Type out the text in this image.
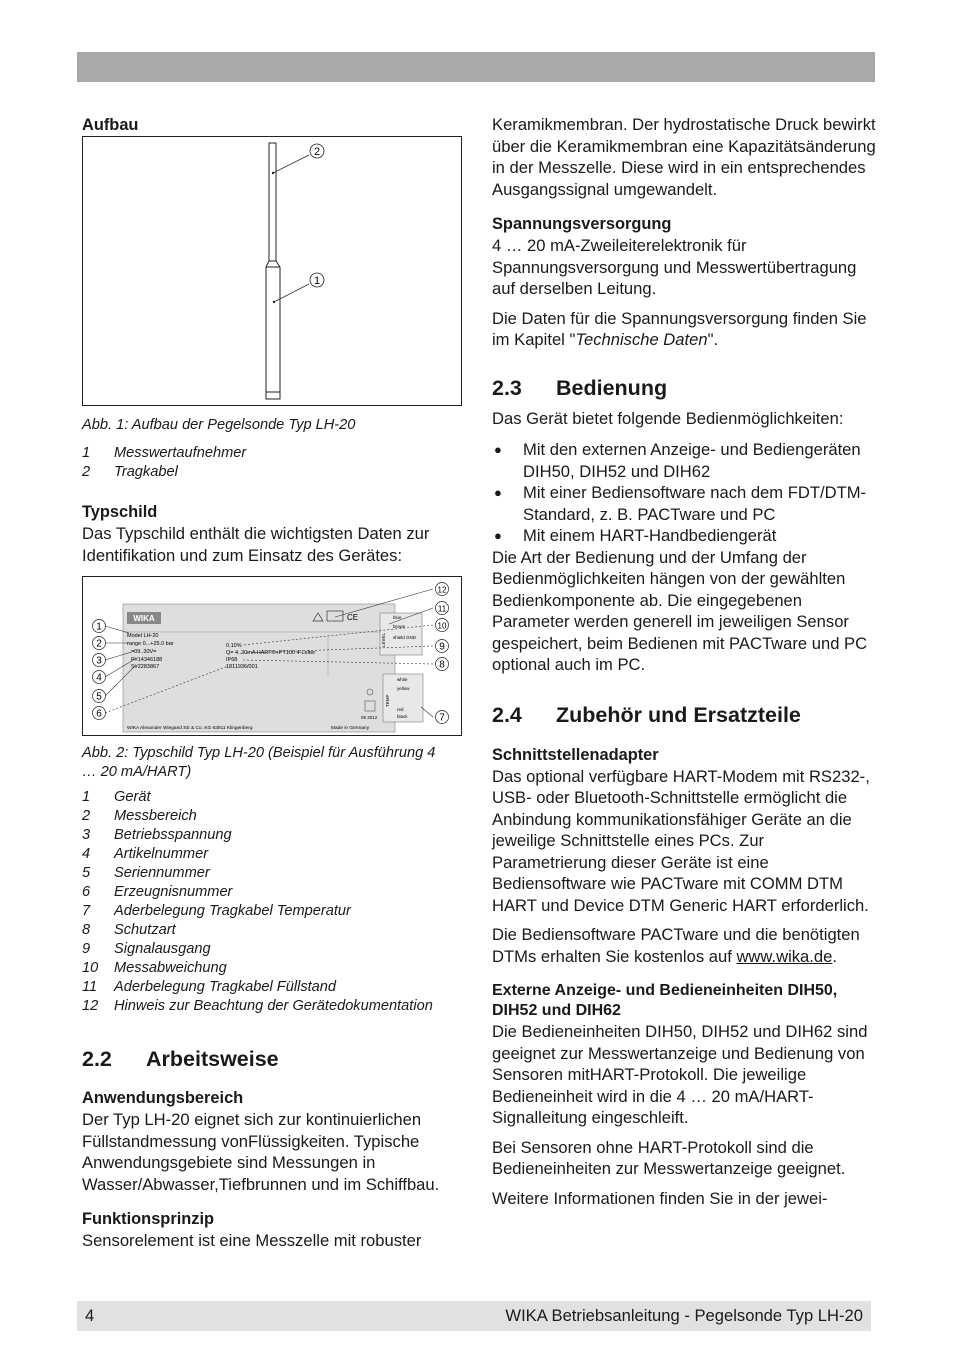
Aufbau

2
1

Abb. 1: Aufbau der Pegelsonde Typ LH-20

1	Messwertaufnehmer
2	Tragkabel

Typschild

Das Typschild enthält die wichtigsten Daten zur Identifikation und zum Einsatz des Gerätes:

WIKA
Model LH-20
range 0...+25.0 bar
=09..30V=
P#14346188
S#2283867
0.10%
Q= 4..20mA HART®+PT100 4-Leiter
IP68
1811936/001
CE
LEVEL
blue
brown
shield GND
TEMP
white
yellow
red
black
09 2012
WIKA Alexander Wiegand SE & Co. KG 63911 Klingenberg	Made in Germany
1
2
3
4
5
6	7
8
9
10
11
12

Abb. 2: Typschild Typ LH-20 (Beispiel für Ausführung 4 … 20 mA/HART)

1	Gerät
2	Messbereich
3	Betriebsspannung
4	Artikelnummer
5	Seriennummer
6	Erzeugnisnummer
7	Aderbelegung Tragkabel Temperatur
8	Schutzart
9	Signalausgang
10	Messabweichung
11	Aderbelegung Tragkabel Füllstand
12	Hinweis zur Beachtung der Gerätedokumentation
2.2 Arbeitsweise

Anwendungsbereich

Der Typ LH-20 eignet sich zur kontinuierlichen Füllstandmessung vonFlüssigkeiten. Typische Anwendungsgebiete sind Messungen in Wasser/Abwasser,Tiefbrunnen und im Schiffbau.

Funktionsprinzip

Sensorelement ist eine Messzelle mit robuster

Keramikmembran. Der hydrostatische Druck bewirkt über die Keramikmembran eine Kapazitätsänderung in der Messzelle. Diese wird in ein entsprechendes Ausgangssignal umgewandelt.

Spannungsversorgung

4 … 20 mA-Zweileiterelektronik für Spannungsversorgung und Messwertübertragung auf derselben Leitung.

Die Daten für die Spannungsversorgung finden Sie im Kapitel "Technische Daten".

2.3 Bedienung

Das Gerät bietet folgende Bedienmöglichkeiten:

●	Mit den externen Anzeige- und Bediengeräten DIH50, DIH52 und DIH62
●	Mit einer Bediensoftware nach dem FDT/DTM-Standard, z. B. PACTware und PC
●	Mit einem HART-Handbediengerät

Die Art der Bedienung und der Umfang der Bedienmöglichkeiten hängen von der gewählten Bedienkomponente ab. Die eingegebenen Parameter werden generell im jeweiligen Sensor gespeichert, beim Bedienen mit PACTware und PC optional auch im PC.

2.4 Zubehör und Ersatzteile

Schnittstellenadapter

Das optional verfügbare HART-Modem mit RS232-, USB- oder Bluetooth-Schnittstelle ermöglicht die Anbindung kommunikationsfähiger Geräte an die jeweilige Schnittstelle eines PCs. Zur Parametrierung dieser Geräte ist eine Bediensoftware wie PACTware mit COMM DTM HART und Device DTM Generic HART erforderlich.

Die Bediensoftware PACTware und die benötigten DTMs erhalten Sie kostenlos auf www.wika.de.

Externe Anzeige- und Bedieneinheiten DIH50, DIH52 und DIH62

Die Bedieneinheiten DIH50, DIH52 und DIH62 sind geeignet zur Messwertanzeige und Bedienung von Sensoren mitHART-Protokoll. Die jeweilige Bedieneinheit wird in die 4 … 20 mA/HART-Signalleitung eingeschleift.

Bei Sensoren ohne HART-Protokoll sind die Bedieneinheiten zur Messwertanzeige geeignet.

Weitere Informationen finden Sie in der jewei-

4	WIKA Betriebsanleitung - Pegelsonde Typ LH-20
